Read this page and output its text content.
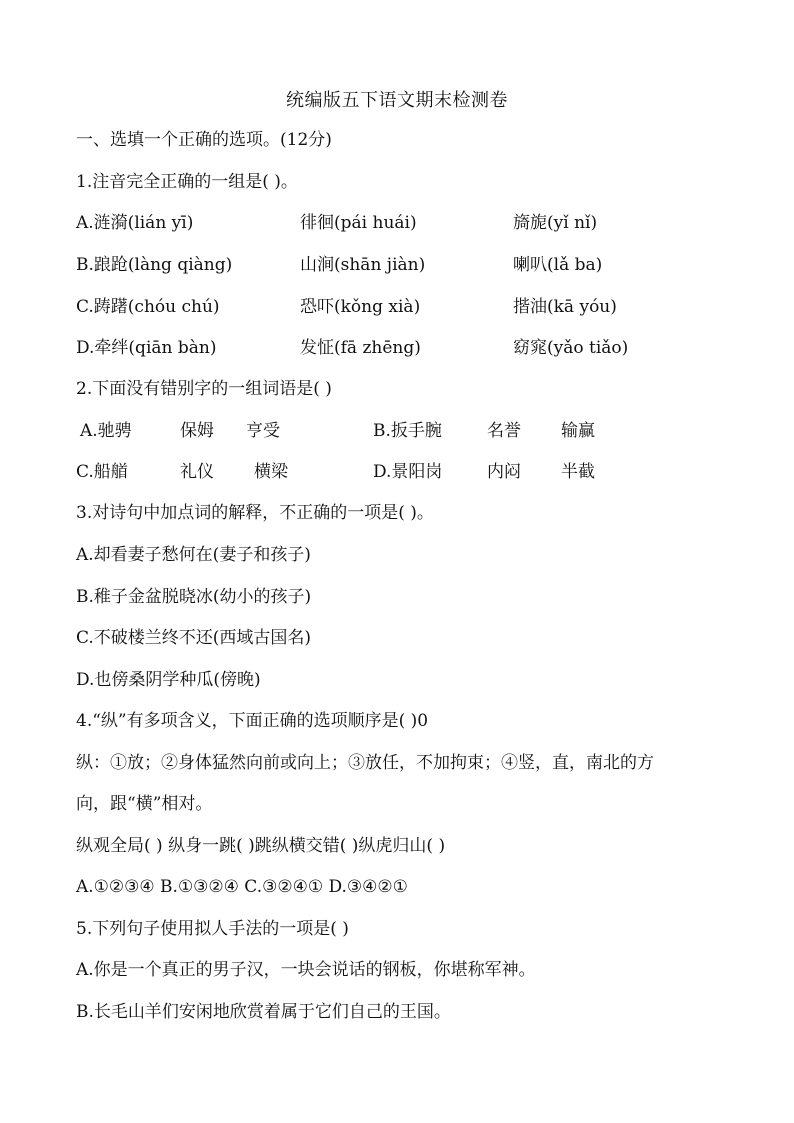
统编版五下语文期末检测卷
一、选填一个正确的选项。(12分)
1.注音完全正确的一组是( )。
A.涟漪(lián yī)	徘徊(pái huái)	旖旎(yǐ nǐ)
B.踉跄(làng qiàng)	山涧(shān jiàn)	喇叭(lǎ ba)
C.踌躇(chóu chú)	恐吓(kǒng xià)	揩油(kā yóu)
D.牵绊(qiān bàn)	发怔(fā zhēng)	窈窕(yǎo tiǎo)
2.下面没有错别字的一组词语是( )
A.驰骋	保姆 亨受	B.扳手腕	名誉 输赢
C.船艏	礼仪 横梁	D.景阳岗	内闷 半截
3.对诗句中加点词的解释，不正确的一项是( )。
A.却看妻子愁何在(妻子和孩子)
B.稚子金盆脱晓冰(幼小的孩子)
C.不破楼兰终不还(西域古国名)
D.也傍桑阴学种瓜(傍晚)
4.“纵”有多项含义，下面正确的选项顺序是( )0
纵：①放；②身体猛然向前或向上；③放任，不加拘束；④竖，直，南北的方
向，跟“横”相对。
纵观全局( ) 纵身一跳( )跳纵横交错( )纵虎归山( )
A.①②③④ B.①③②④ C.③②④① D.③④②①
5.下列句子使用拟人手法的一项是( )
A.你是一个真正的男子汉，一块会说话的钢板，你堪称军神。
B.长毛山羊们安闲地欣赏着属于它们自己的王国。
